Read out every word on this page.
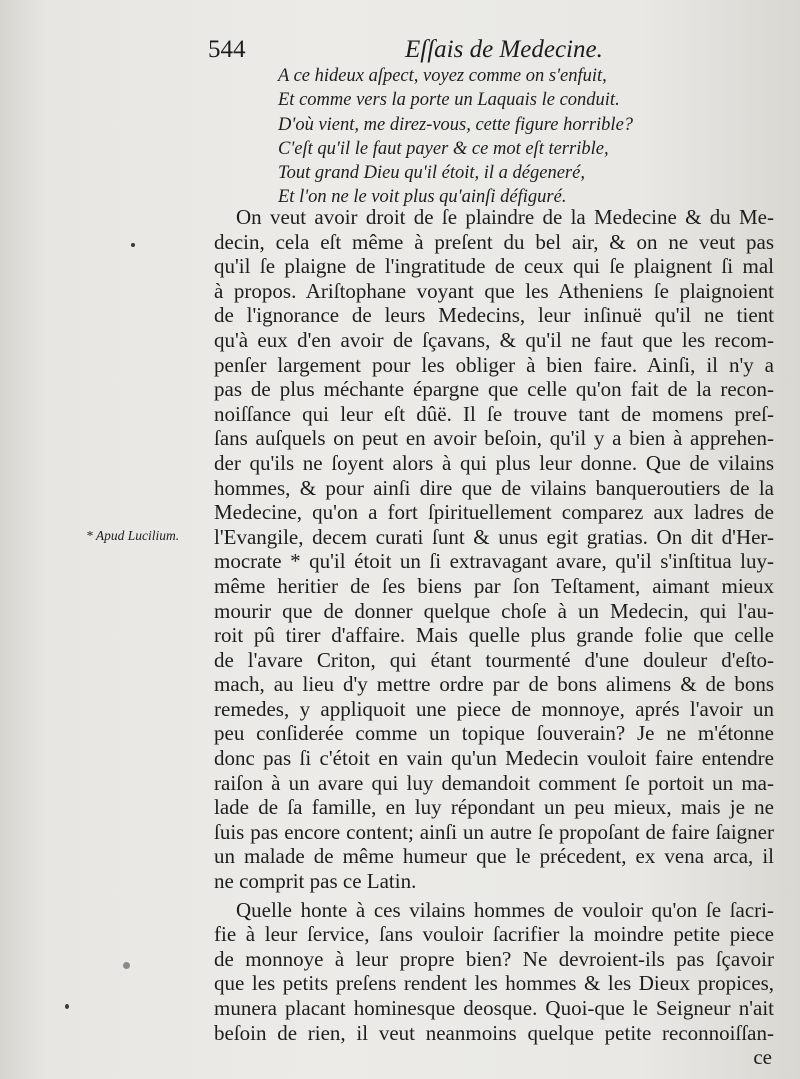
544	Eſſais de Medecine.
A ce hideux aſpect, voyez comme on s'enfuit,
Et comme vers la porte un Laquais le conduit.
D'où vient, me direz-vous, cette figure horrible?
C'eſt qu'il le faut payer & ce mot eſt terrible,
Tout grand Dieu qu'il étoit, il a dégeneré,
Et l'on ne le voit plus qu'ainſi défiguré.
* Apud Lucilium.
On veut avoir droit de ſe plaindre de la Medecine & du Me-
decin, cela eſt même à preſent du bel air, & on ne veut pas
qu'il ſe plaigne de l'ingratitude de ceux qui ſe plaignent ſi mal
à propos. Ariſtophane voyant que les Atheniens ſe plaignoient
de l'ignorance de leurs Medecins, leur inſinuë qu'il ne tient
qu'à eux d'en avoir de ſçavans, & qu'il ne faut que les recom-
penſer largement pour les obliger à bien faire. Ainſi, il n'y a
pas de plus méchante épargne que celle qu'on fait de la recon-
noiſſance qui leur eſt dûë. Il ſe trouve tant de momens preſ-
ſans auſquels on peut en avoir beſoin, qu'il y a bien à apprehen-
der qu'ils ne ſoyent alors à qui plus leur donne. Que de vilains
hommes, & pour ainſi dire que de vilains banqueroutiers de la
Medecine, qu'on a fort ſpirituellement comparez aux ladres de
l'Evangile, decem curati ſunt & unus egit gratias. On dit d'Her-
mocrate * qu'il étoit un ſi extravagant avare, qu'il s'inſtitua luy-
même heritier de ſes biens par ſon Teſtament, aimant mieux
mourir que de donner quelque choſe à un Medecin, qui l'au-
roit pû tirer d'affaire. Mais quelle plus grande folie que celle
de l'avare Criton, qui étant tourmenté d'une douleur d'eſto-
mach, au lieu d'y mettre ordre par de bons alimens & de bons
remedes, y appliquoit une piece de monnoye, aprés l'avoir un
peu conſiderée comme un topique ſouverain? Je ne m'étonne
donc pas ſi c'étoit en vain qu'un Medecin vouloit faire entendre
raiſon à un avare qui luy demandoit comment ſe portoit un ma-
lade de ſa famille, en luy répondant un peu mieux, mais je ne
ſuis pas encore content; ainſi un autre ſe propoſant de faire ſaigner
un malade de même humeur que le précedent, ex vena arca, il
ne comprit pas ce Latin.
Quelle honte à ces vilains hommes de vouloir qu'on ſe ſacri-
fie à leur ſervice, ſans vouloir ſacrifier la moindre petite piece
de monnoye à leur propre bien? Ne devroient-ils pas ſçavoir
que les petits preſens rendent les hommes & les Dieux propices,
munera placant hominesque deosque. Quoi-que le Seigneur n'ait
beſoin de rien, il veut neanmoins quelque petite reconnoiſſan-
ce
